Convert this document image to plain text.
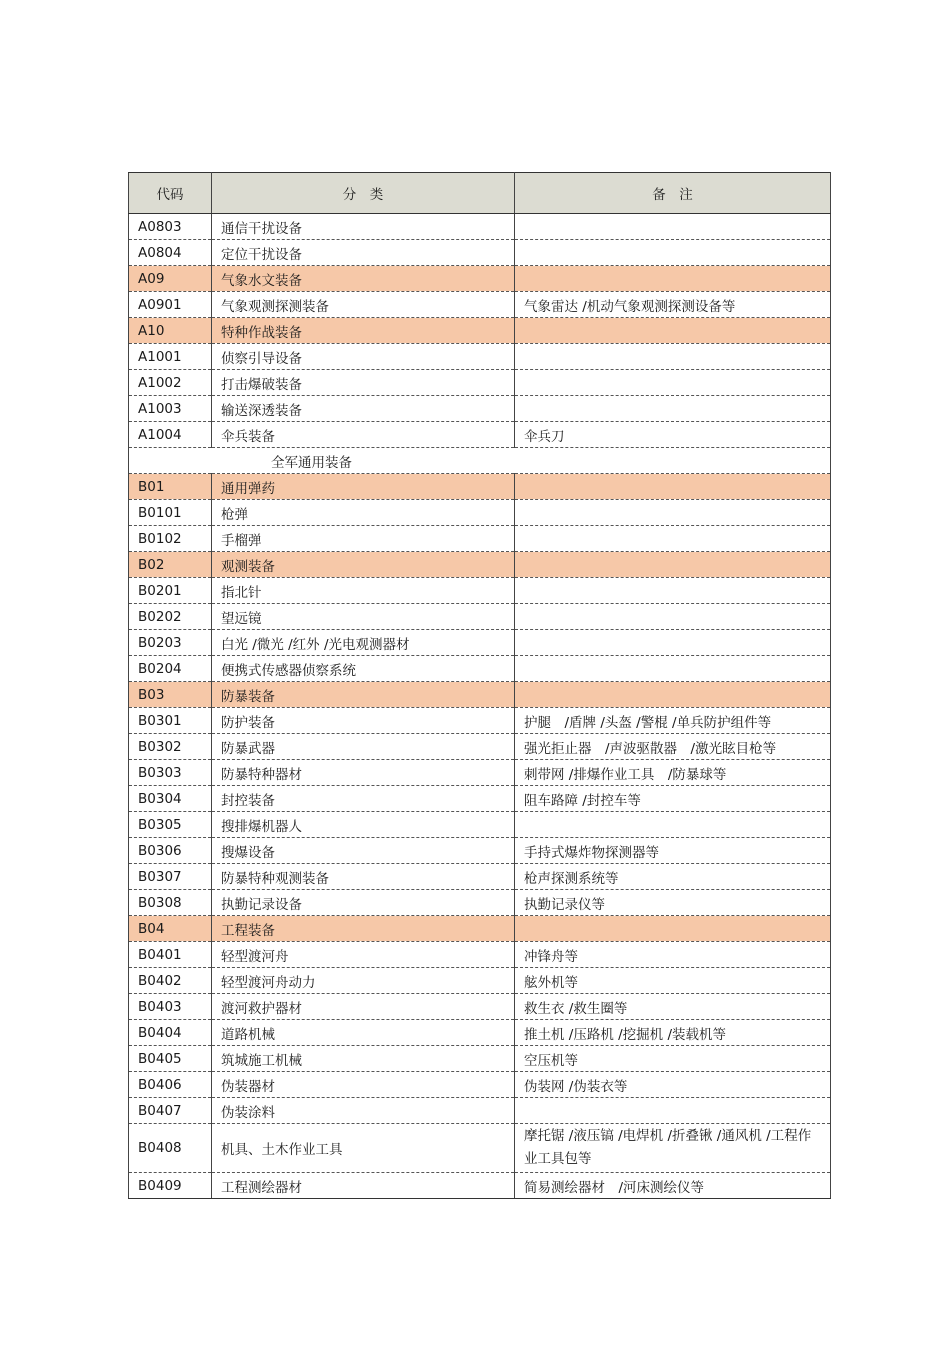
代码	分　类	备　注
A0803	通信干扰设备	
A0804	定位干扰设备	
A09	气象水文装备	
A0901	气象观测探测装备	气象雷达 /机动气象观测探测设备等
A10	特种作战装备	
A1001	侦察引导设备	
A1002	打击爆破装备	
A1003	输送深透装备	
A1004	伞兵装备	伞兵刀
全军通用装备		
B01	通用弹药	
B0101	枪弹	
B0102	手榴弹	
B02	观测装备	
B0201	指北针	
B0202	望远镜	
B0203	白光 /微光 /红外 /光电观测器材	
B0204	便携式传感器侦察系统	
B03	防暴装备	
B0301	防护装备	护腿　/盾牌 /头盔 /警棍 /单兵防护组件等
B0302	防暴武器	强光拒止器　/声波驱散器　/激光眩目枪等
B0303	防暴特种器材	刺带网 /排爆作业工具　/防暴球等
B0304	封控装备	阻车路障 /封控车等
B0305	搜排爆机器人	
B0306	搜爆设备	手持式爆炸物探测器等
B0307	防暴特种观测装备	枪声探测系统等
B0308	执勤记录设备	执勤记录仪等
B04	工程装备	
B0401	轻型渡河舟	冲锋舟等
B0402	轻型渡河舟动力	舷外机等
B0403	渡河救护器材	救生衣 /救生圈等
B0404	道路机械	推土机 /压路机 /挖掘机 /装载机等
B0405	筑城施工机械	空压机等
B0406	伪装器材	伪装网 /伪装衣等
B0407	伪装涂料	
B0408	机具、土木作业工具	摩托锯 /液压镐 /电焊机 /折叠锹 /通风机 /工程作业工具包等
B0409	工程测绘器材	简易测绘器材　/河床测绘仪等
